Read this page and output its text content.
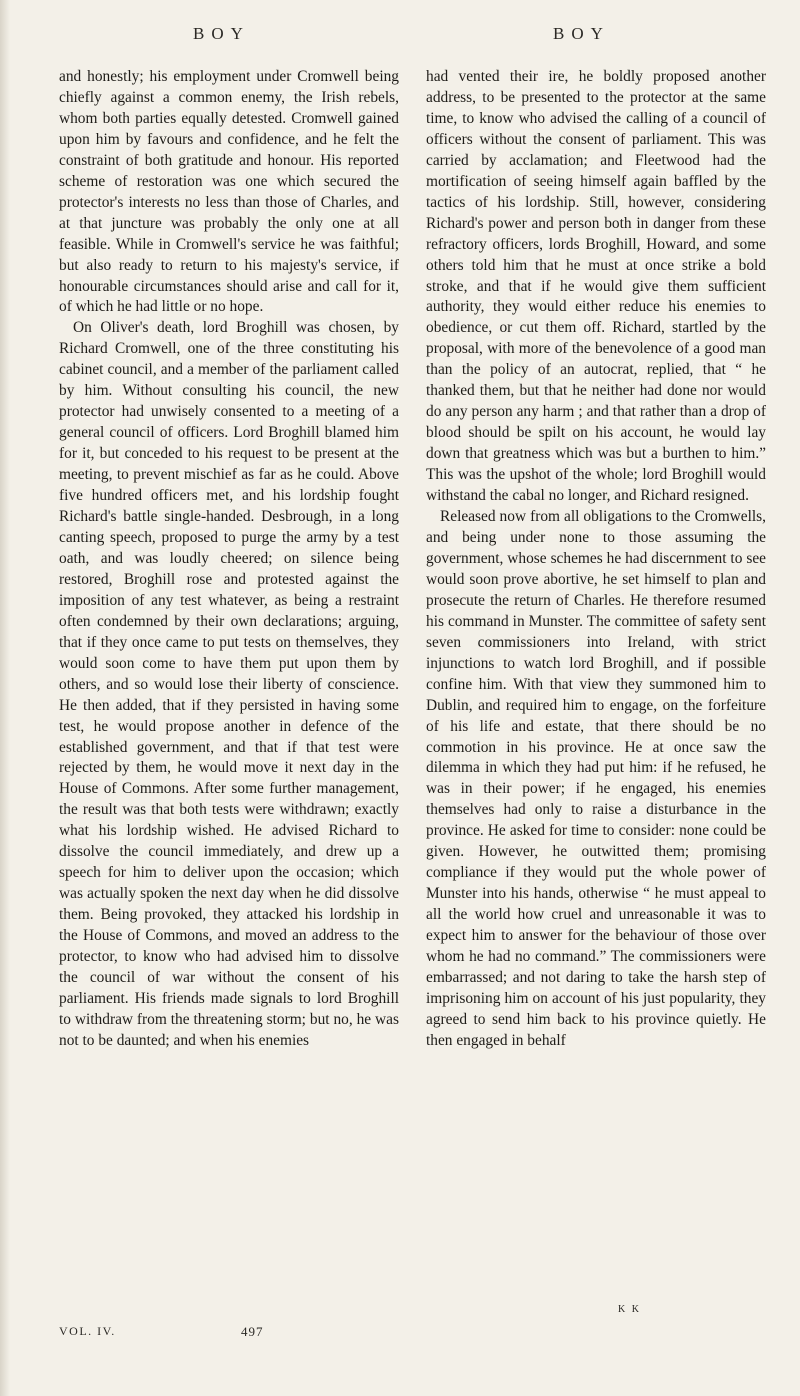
BOY	BOY

and honestly; his employment under Cromwell being chiefly against a common enemy, the Irish rebels, whom both parties equally detested. Cromwell gained upon him by favours and confidence, and he felt the constraint of both gratitude and honour. His reported scheme of restoration was one which secured the protector's interests no less than those of Charles, and at that juncture was probably the only one at all feasible. While in Cromwell's service he was faithful; but also ready to return to his majesty's service, if honourable circumstances should arise and call for it, of which he had little or no hope.

On Oliver's death, lord Broghill was chosen, by Richard Cromwell, one of the three constituting his cabinet council, and a member of the parliament called by him. Without consulting his council, the new protector had unwisely consented to a meeting of a general council of officers. Lord Broghill blamed him for it, but conceded to his request to be present at the meeting, to prevent mischief as far as he could. Above five hundred officers met, and his lordship fought Richard's battle single-handed. Desbrough, in a long canting speech, proposed to purge the army by a test oath, and was loudly cheered; on silence being restored, Broghill rose and protested against the imposition of any test whatever, as being a restraint often condemned by their own declarations; arguing, that if they once came to put tests on themselves, they would soon come to have them put upon them by others, and so would lose their liberty of conscience. He then added, that if they persisted in having some test, he would propose another in defence of the established government, and that if that test were rejected by them, he would move it next day in the House of Commons. After some further management, the result was that both tests were withdrawn; exactly what his lordship wished. He advised Richard to dissolve the council immediately, and drew up a speech for him to deliver upon the occasion; which was actually spoken the next day when he did dissolve them. Being provoked, they attacked his lordship in the House of Commons, and moved an address to the protector, to know who had advised him to dissolve the council of war without the consent of his parliament. His friends made signals to lord Broghill to withdraw from the threatening storm; but no, he was not to be daunted; and when his enemies

had vented their ire, he boldly proposed another address, to be presented to the protector at the same time, to know who advised the calling of a council of officers without the consent of parliament. This was carried by acclamation; and Fleetwood had the mortification of seeing himself again baffled by the tactics of his lordship. Still, however, considering Richard's power and person both in danger from these refractory officers, lords Broghill, Howard, and some others told him that he must at once strike a bold stroke, and that if he would give them sufficient authority, they would either reduce his enemies to obedience, or cut them off. Richard, startled by the proposal, with more of the benevolence of a good man than the policy of an autocrat, replied, that “ he thanked them, but that he neither had done nor would do any person any harm ; and that rather than a drop of blood should be spilt on his account, he would lay down that greatness which was but a burthen to him.” This was the upshot of the whole; lord Broghill would withstand the cabal no longer, and Richard resigned.

Released now from all obligations to the Cromwells, and being under none to those assuming the government, whose schemes he had discernment to see would soon prove abortive, he set himself to plan and prosecute the return of Charles. He therefore resumed his command in Munster. The committee of safety sent seven commissioners into Ireland, with strict injunctions to watch lord Broghill, and if possible confine him. With that view they summoned him to Dublin, and required him to engage, on the forfeiture of his life and estate, that there should be no commotion in his province. He at once saw the dilemma in which they had put him: if he refused, he was in their power; if he engaged, his enemies themselves had only to raise a disturbance in the province. He asked for time to consider: none could be given. However, he outwitted them; promising compliance if they would put the whole power of Munster into his hands, otherwise “ he must appeal to all the world how cruel and unreasonable it was to expect him to answer for the behaviour of those over whom he had no command.” The commissioners were embarrassed; and not daring to take the harsh step of imprisoning him on account of his just popularity, they agreed to send him back to his province quietly. He then engaged in behalf

VOL. IV.	497
K K
